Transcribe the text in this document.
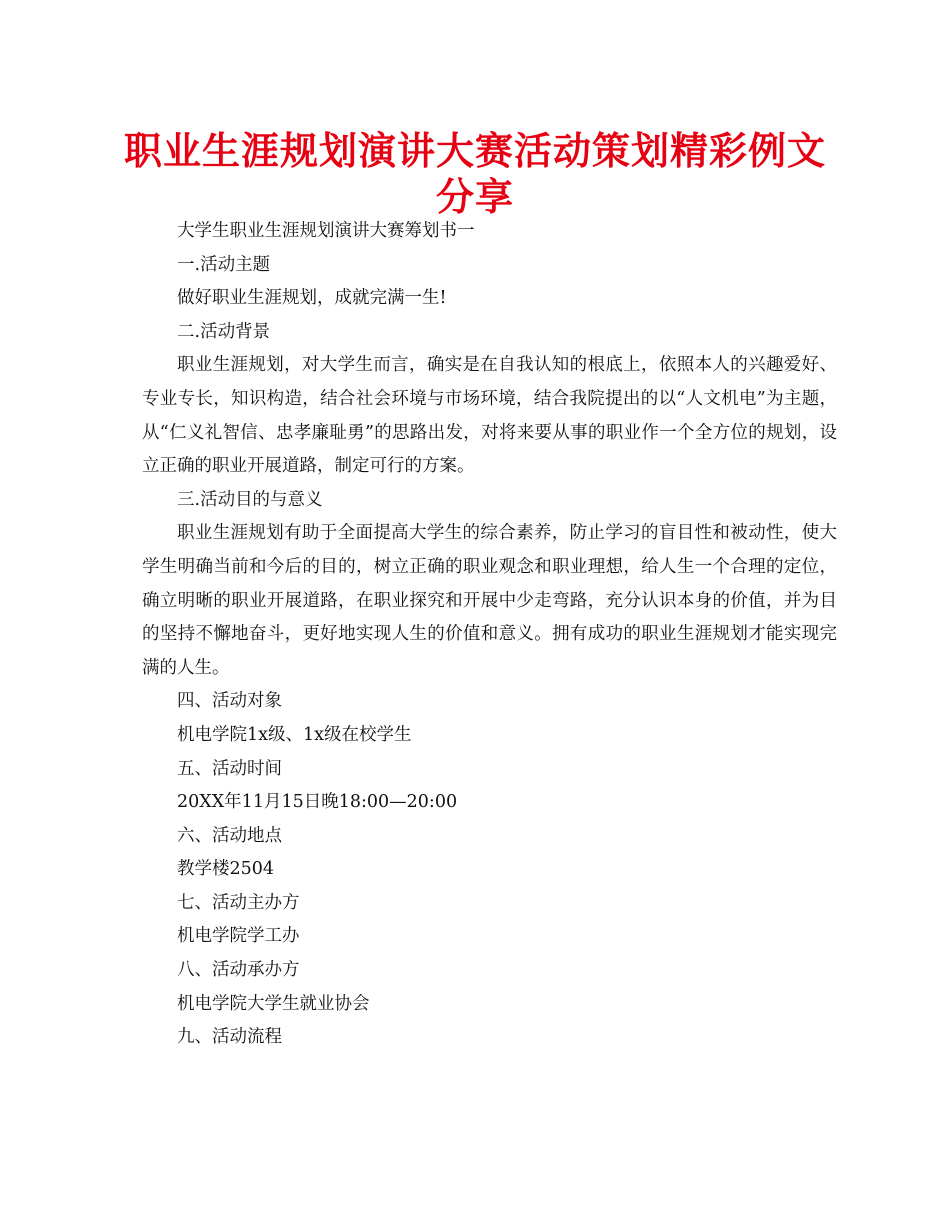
职业生涯规划演讲大赛活动策划精彩例文分享

大学生职业生涯规划演讲大赛筹划书一

一.活动主题

做好职业生涯规划，成就完满一生!

二.活动背景

职业生涯规划，对大学生而言，确实是在自我认知的根底上，依照本人的兴趣爱好、专业专长，知识构造，结合社会环境与市场环境，结合我院提出的以“人文机电”为主题，从“仁义礼智信、忠孝廉耻勇”的思路出发，对将来要从事的职业作一个全方位的规划，设立正确的职业开展道路，制定可行的方案。

三.活动目的与意义

职业生涯规划有助于全面提高大学生的综合素养，防止学习的盲目性和被动性，使大学生明确当前和今后的目的，树立正确的职业观念和职业理想，给人生一个合理的定位，确立明晰的职业开展道路，在职业探究和开展中少走弯路，充分认识本身的价值，并为目的坚持不懈地奋斗，更好地实现人生的价值和意义。拥有成功的职业生涯规划才能实现完满的人生。

四、活动对象

机电学院1x级、1x级在校学生

五、活动时间

20XX年11月15日晚18:00—20:00

六、活动地点

教学楼2504

七、活动主办方

机电学院学工办

八、活动承办方

机电学院大学生就业协会

九、活动流程
